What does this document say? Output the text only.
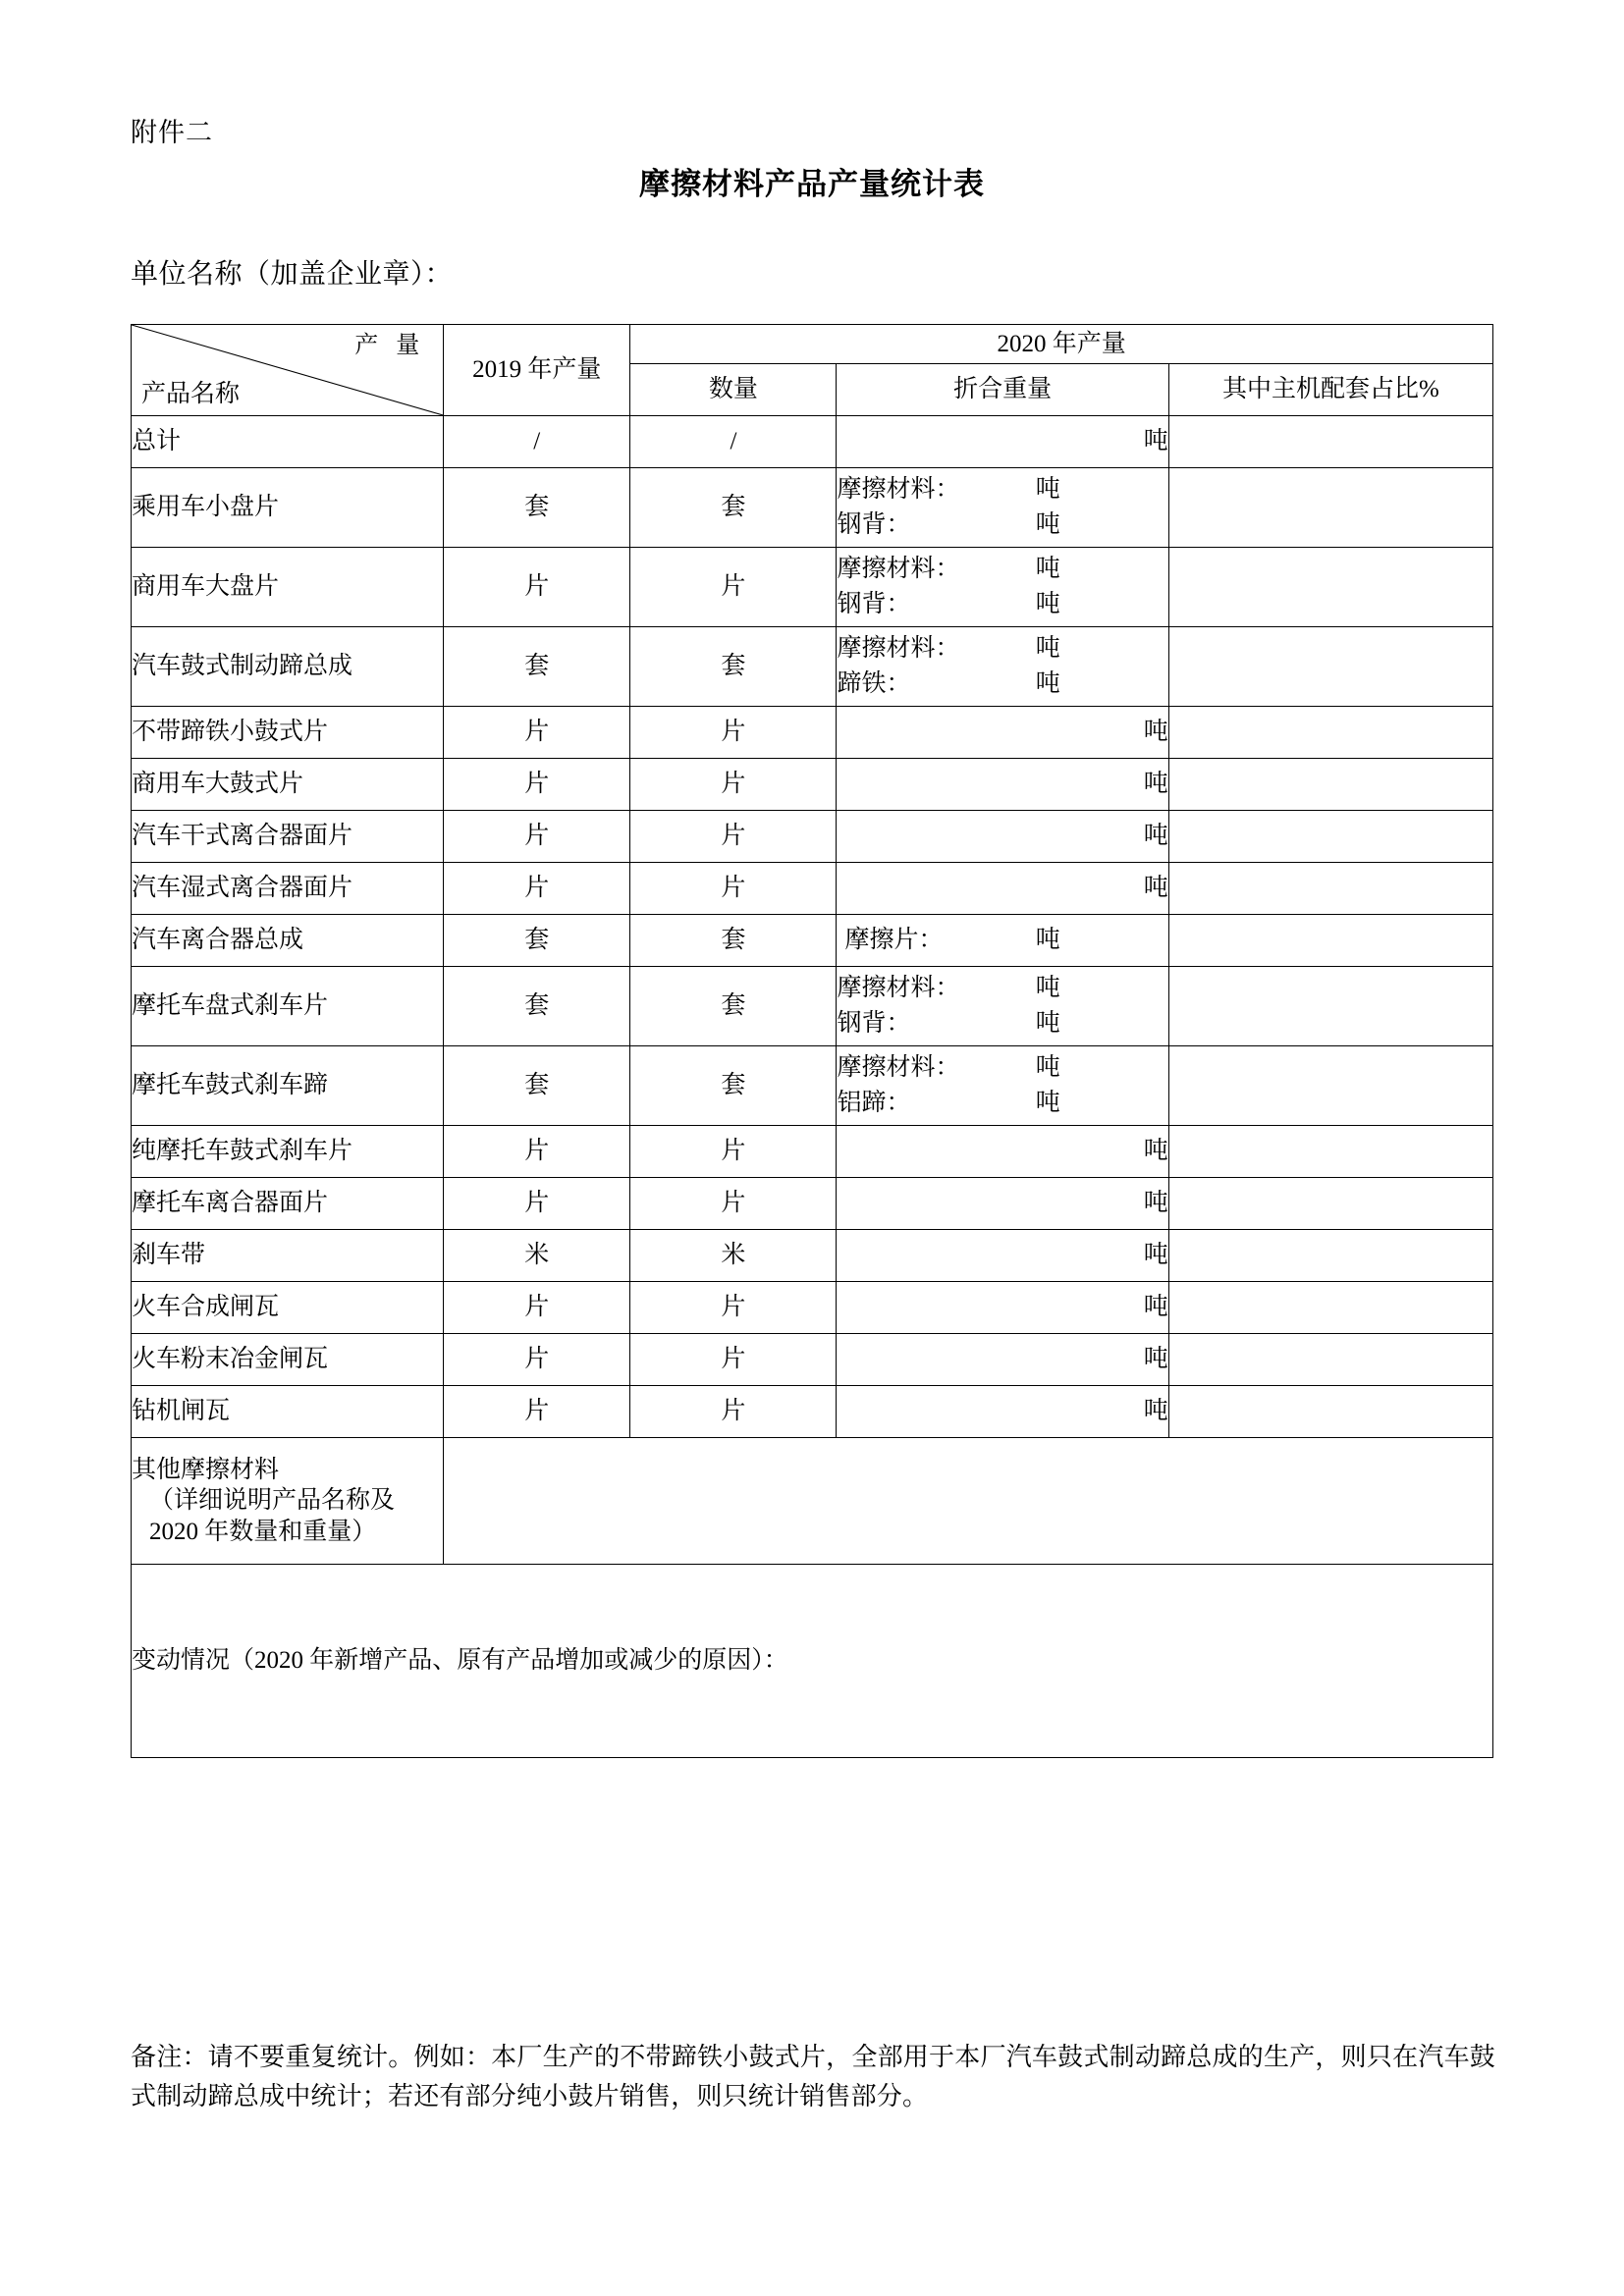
附件二
摩擦材料产品产量统计表
单位名称（加盖企业章）：
产 量
产品名称	2019 年产量	2020 年产量		
		数量	折合重量	其中主机配套占比%
总计	/	/	吨	
乘用车小盘片	套	套	摩擦材料： 吨
钢背： 吨	

商用车大盘片	片	片	摩擦材料： 吨
钢背： 吨	

汽车鼓式制动蹄总成	套	套	摩擦材料： 吨
蹄铁： 吨	

不带蹄铁小鼓式片	片	片	吨	
商用车大鼓式片	片	片	吨	
汽车干式离合器面片	片	片	吨	
汽车湿式离合器面片	片	片	吨	
汽车离合器总成	套	套	摩擦片： 吨	

摩托车盘式刹车片	套	套	摩擦材料： 吨
钢背： 吨	

摩托车鼓式刹车蹄	套	套	摩擦材料： 吨
铝蹄： 吨	

纯摩托车鼓式刹车片	片	片	吨	
摩托车离合器面片	片	片	吨	
刹车带	米	米	吨	
火车合成闸瓦	片	片	吨	
火车粉末冶金闸瓦	片	片	吨	
钻机闸瓦	片	片	吨	

其他摩擦材料
（详细说明产品名称及
2020 年数量和重量）				

变动情况（2020 年新增产品、原有产品增加或减少的原因）：				
备注：请不要重复统计。例如：本厂生产的不带蹄铁小鼓式片，全部用于本厂汽车鼓式制动蹄总成的生产，则只在汽车鼓式制动蹄总成中统计；若还有部分纯小鼓片销售，则只统计销售部分。
